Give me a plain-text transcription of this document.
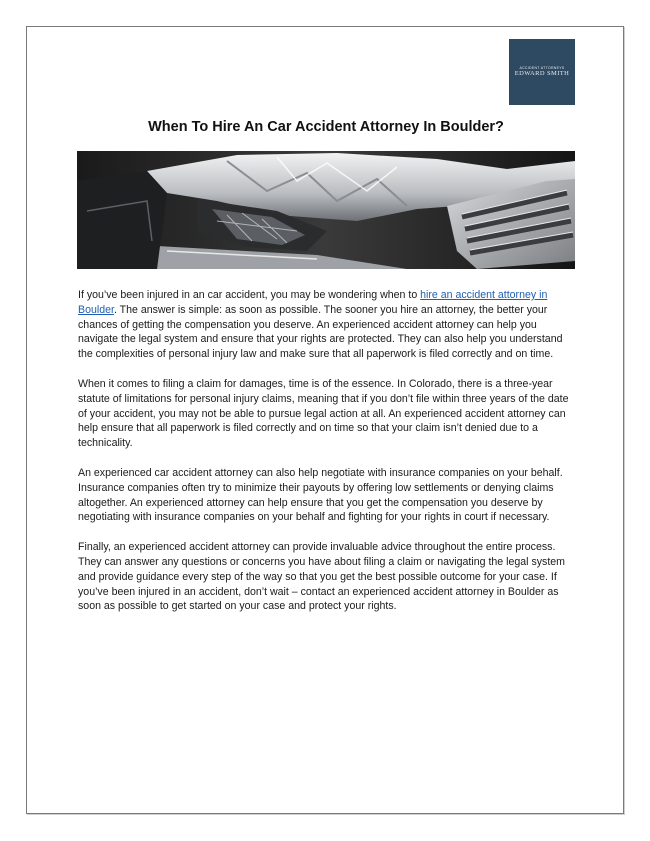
ACCIDENT ATTORNEYS
EDWARD SMITH
When To Hire An Car Accident Attorney In Boulder?

If you’ve been injured in an car accident, you may be wondering when to hire an accident attorney in Boulder. The answer is simple: as soon as possible. The sooner you hire an attorney, the better your chances of getting the compensation you deserve. An experienced accident attorney can help you navigate the legal system and ensure that your rights are protected. They can also help you understand the complexities of personal injury law and make sure that all paperwork is filed correctly and on time.

When it comes to filing a claim for damages, time is of the essence. In Colorado, there is a three-year statute of limitations for personal injury claims, meaning that if you don’t file within three years of the date of your accident, you may not be able to pursue legal action at all. An experienced accident attorney can help ensure that all paperwork is filed correctly and on time so that your claim isn’t denied due to a technicality.

An experienced car accident attorney can also help negotiate with insurance companies on your behalf. Insurance companies often try to minimize their payouts by offering low settlements or denying claims altogether. An experienced attorney can help ensure that you get the compensation you deserve by negotiating with insurance companies on your behalf and fighting for your rights in court if necessary.

Finally, an experienced accident attorney can provide invaluable advice throughout the entire process. They can answer any questions or concerns you have about filing a claim or navigating the legal system and provide guidance every step of the way so that you get the best possible outcome for your case. If you’ve been injured in an accident, don’t wait – contact an experienced accident attorney in Boulder as soon as possible to get started on your case and protect your rights.
